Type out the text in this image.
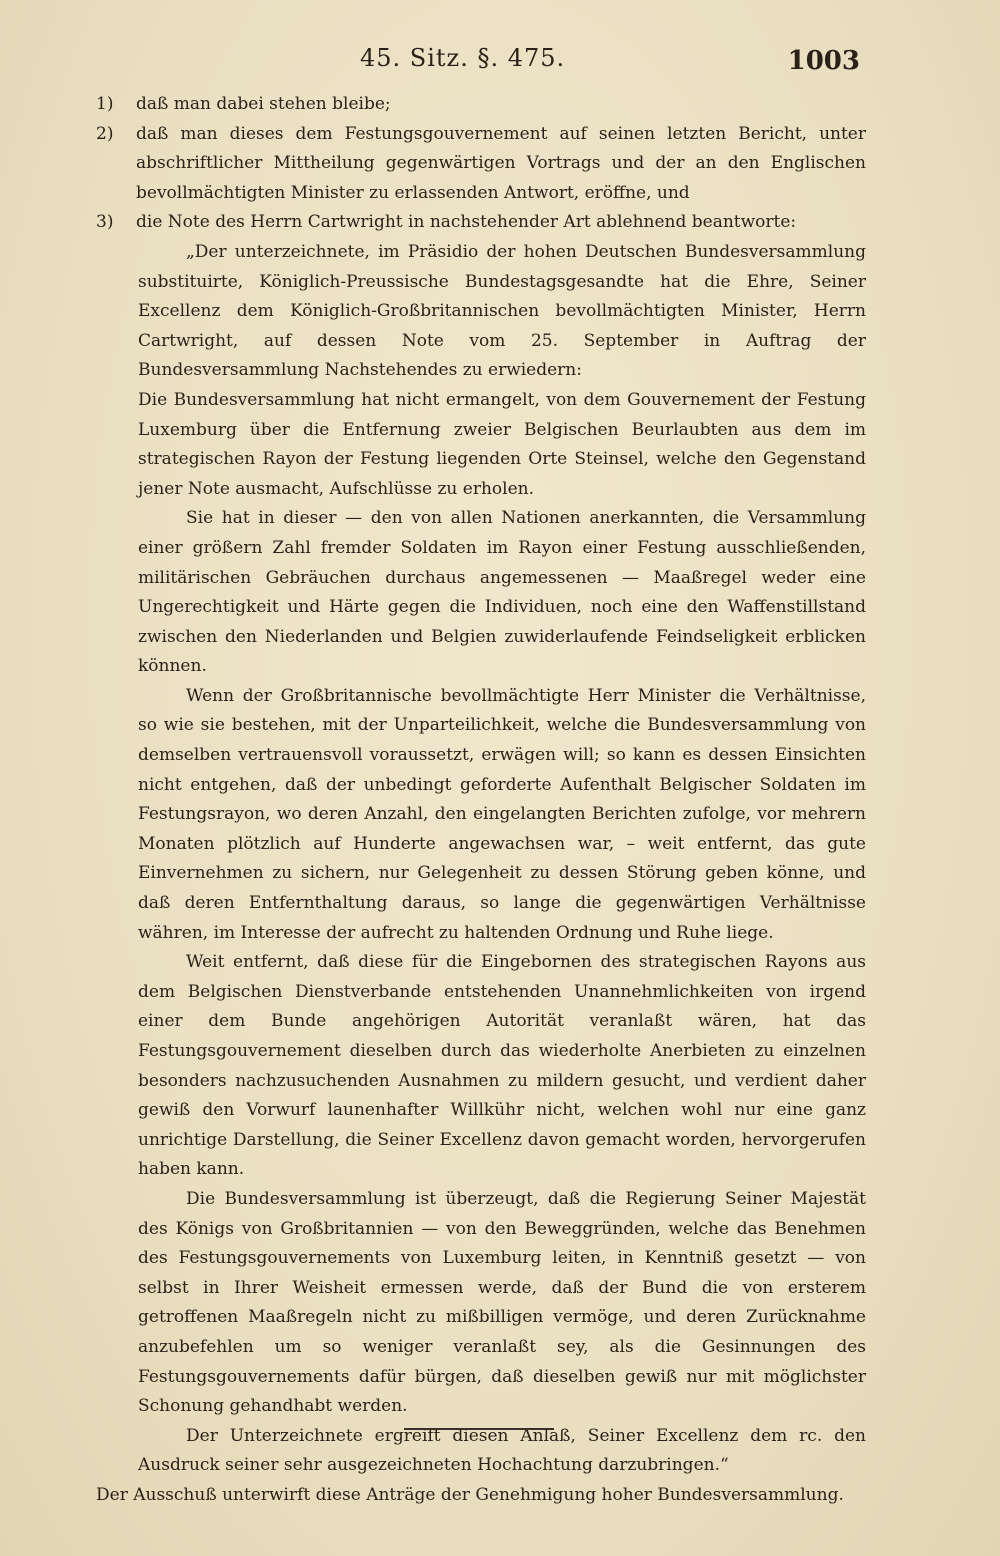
45. Sitz. §. 475.	1003
1)	daß man dabei stehen bleibe;
2)	daß man dieses dem Festungsgouvernement auf seinen letzten Bericht, unter abschriftlicher Mittheilung gegenwärtigen Vortrags und der an den Englischen bevollmächtigten Minister zu erlassenden Antwort, eröffne, und
3)	die Note des Herrn Cartwright in nachstehender Art ablehnend beantworte:

„Der unterzeichnete, im Präsidio der hohen Deutschen Bundesversammlung substituirte, Königlich-Preussische Bundestagsgesandte hat die Ehre, Seiner Excellenz dem Königlich-Großbritannischen bevollmächtigten Minister, Herrn Cartwright, auf dessen Note vom 25. September in Auftrag der Bundesversammlung Nachstehendes zu erwiedern:

Die Bundesversammlung hat nicht ermangelt, von dem Gouvernement der Festung Luxemburg über die Entfernung zweier Belgischen Beurlaubten aus dem im strategischen Rayon der Festung liegenden Orte Steinsel, welche den Gegenstand jener Note ausmacht, Aufschlüsse zu erholen.

Sie hat in dieser — den von allen Nationen anerkannten, die Versammlung einer größern Zahl fremder Soldaten im Rayon einer Festung ausschließenden, militärischen Gebräuchen durchaus angemessenen — Maaßregel weder eine Ungerechtigkeit und Härte gegen die Individuen, noch eine den Waffenstillstand zwischen den Niederlanden und Belgien zuwiderlaufende Feindseligkeit erblicken können.

Wenn der Großbritannische bevollmächtigte Herr Minister die Verhältnisse, so wie sie bestehen, mit der Unparteilichkeit, welche die Bundesversammlung von demselben vertrauensvoll voraussetzt, erwägen will; so kann es dessen Einsichten nicht entgehen, daß der unbedingt geforderte Aufenthalt Belgischer Soldaten im Festungsrayon, wo deren Anzahl, den eingelangten Berichten zufolge, vor mehrern Monaten plötzlich auf Hunderte angewachsen war, – weit entfernt, das gute Einvernehmen zu sichern, nur Gelegenheit zu dessen Störung geben könne, und daß deren Entfernthaltung daraus, so lange die gegenwärtigen Verhältnisse währen, im Interesse der aufrecht zu haltenden Ordnung und Ruhe liege.

Weit entfernt, daß diese für die Eingebornen des strategischen Rayons aus dem Belgischen Dienstverbande entstehenden Unannehmlichkeiten von irgend einer dem Bunde angehörigen Autorität veranlaßt wären, hat das Festungsgouvernement dieselben durch das wiederholte Anerbieten zu einzelnen besonders nachzusuchenden Ausnahmen zu mildern gesucht, und verdient daher gewiß den Vorwurf launenhafter Willkühr nicht, welchen wohl nur eine ganz unrichtige Darstellung, die Seiner Excellenz davon gemacht worden, hervorgerufen haben kann.

Die Bundesversammlung ist überzeugt, daß die Regierung Seiner Majestät des Königs von Großbritannien — von den Beweggründen, welche das Benehmen des Festungsgouvernements von Luxemburg leiten, in Kenntniß gesetzt — von selbst in Ihrer Weisheit ermessen werde, daß der Bund die von ersterem getroffenen Maaßregeln nicht zu mißbilligen vermöge, und deren Zurücknahme anzubefehlen um so weniger veranlaßt sey, als die Gesinnungen des Festungsgouvernements dafür bürgen, daß dieselben gewiß nur mit möglichster Schonung gehandhabt werden.

Der Unterzeichnete ergreift diesen Anlaß, Seiner Excellenz dem rc. den Ausdruck seiner sehr ausgezeichneten Hochachtung darzubringen.“

Der Ausschuß unterwirft diese Anträge der Genehmigung hoher Bundesversammlung.
